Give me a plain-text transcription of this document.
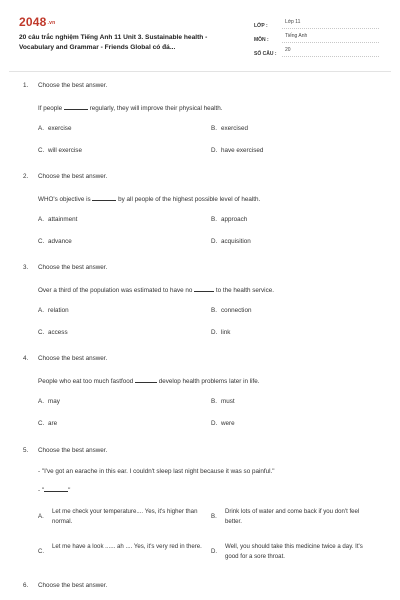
2048.vn
20 câu trắc nghiệm Tiếng Anh 11 Unit 3. Sustainable health - Vocabulary and Grammar - Friends Global có đá...
LỚP :
Lớp 11
MÔN :
Tiếng Anh
SỐ CÂU :
20
1.	Choose the best answer.
If people	regularly, they will improve their physical health.
A. exercise	B. exercised
C. will exercise	D. have exercised
2.	Choose the best answer.
WHO's objective is	by all people of the highest possible level of health.
A. attainment	B. approach
C. advance	D. acquisition
3.	Choose the best answer.
Over a third of the population was estimated to have no	to the health service.
A. relation	B. connection
C. access	D. link
4.	Choose the best answer.
People who eat too much fastfood	develop health problems later in life.
A. may	B. must
C. are	D. were
5.	Choose the best answer.
- "I've got an earache in this ear. I couldn't sleep last night because it was so painful."
- "	"
A.
Let me check your temperature.... Yes, it's higher than normal.
B.
Drink lots of water and come back if you don't feel better.
C.
Let me have a look ...... ah .... Yes, it's very red in there.
D.
Well, you should take this medicine twice a day. It's good for a sore throat.
6.	Choose the best answer.
